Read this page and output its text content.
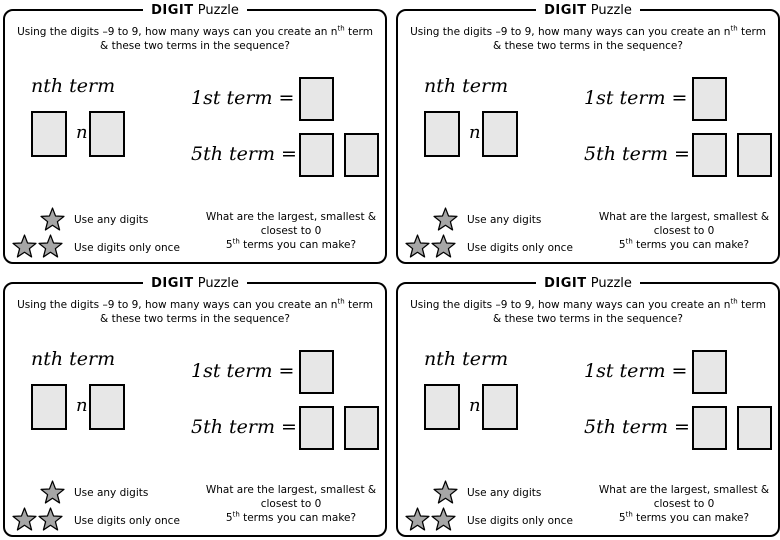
DIGIT Puzzle
Using the digits –9 to 9, how many ways can you create an $n^{th}$ term
& these two terms in the sequence?
nth term
n
1st term =
5th term =
Use any digits
Use digits only once
What are the largest, smallest &
closest to 0
5th terms you can make?
DIGIT Puzzle
Using the digits –9 to 9, how many ways can you create an $n^{th}$ term
& these two terms in the sequence?
nth term
n
1st term =
5th term =
Use any digits
Use digits only once
What are the largest, smallest &
closest to 0
5th terms you can make?
DIGIT Puzzle
Using the digits –9 to 9, how many ways can you create an $n^{th}$ term
& these two terms in the sequence?
nth term
n
1st term =
5th term =
Use any digits
Use digits only once
What are the largest, smallest &
closest to 0
5th terms you can make?
DIGIT Puzzle
Using the digits –9 to 9, how many ways can you create an $n^{th}$ term
& these two terms in the sequence?
nth term
n
1st term =
5th term =
Use any digits
Use digits only once
What are the largest, smallest &
closest to 0
5th terms you can make?
